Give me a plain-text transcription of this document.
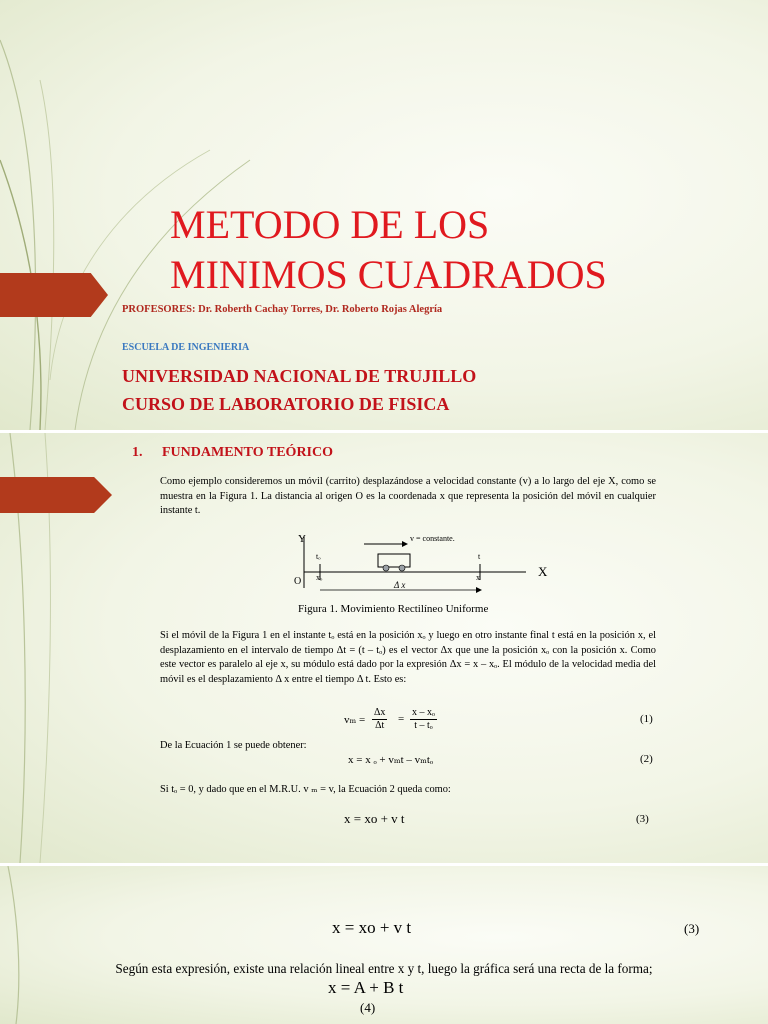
METODO DE LOS
MINIMOS CUADRADOS
PROFESORES: Dr. Roberth Cachay Torres, Dr. Roberto Rojas Alegría
ESCUELA DE INGENIERIA
UNIVERSIDAD NACIONAL DE TRUJILLO
CURSO DE LABORATORIO DE FISICA
1. FUNDAMENTO TEÓRICO

Como ejemplo consideremos un móvil (carrito) desplazándose a velocidad constante (v) a lo largo del eje X, como se muestra en la Figura 1. La distancia al origen O es la coordenada x que representa la posición del móvil en cualquier instante t.

Y
X
O
tₒ	t
xₒ	x
v = constante.
Δ x
Figura 1. Movimiento Rectilíneo Uniforme

Si el móvil de la Figura 1 en el instante tₒ está en la posición xₒ y luego en otro instante final t está en la posición x, el desplazamiento en el intervalo de tiempo Δt = (t – tₒ) es el vector Δx que une la posición xₒ con la posición x. Como este vector es paralelo al eje x, su módulo está dado por la expresión Δx = x – xₒ. El módulo de la velocidad media del móvil es el desplazamiento Δ x entre el tiempo Δ t. Esto es:

$v_m = \frac{\Delta x}{\Delta t} = \frac{\text{x – xₒ}}{\text{t – tₒ}}$	(1)
De la Ecuación 1 se puede obtener:
x = x ₒ + vₘt – vₘtₒ	(2)
Si tₒ = 0, y dado que en el M.R.U. v ₘ = v, la Ecuación 2 queda como:
x = xo + v t	(3)
x = xo + v t	(3)
Según esta expresión, existe una relación lineal entre x y t, luego la gráfica será una recta de la forma;
x = A + B t
(4)
